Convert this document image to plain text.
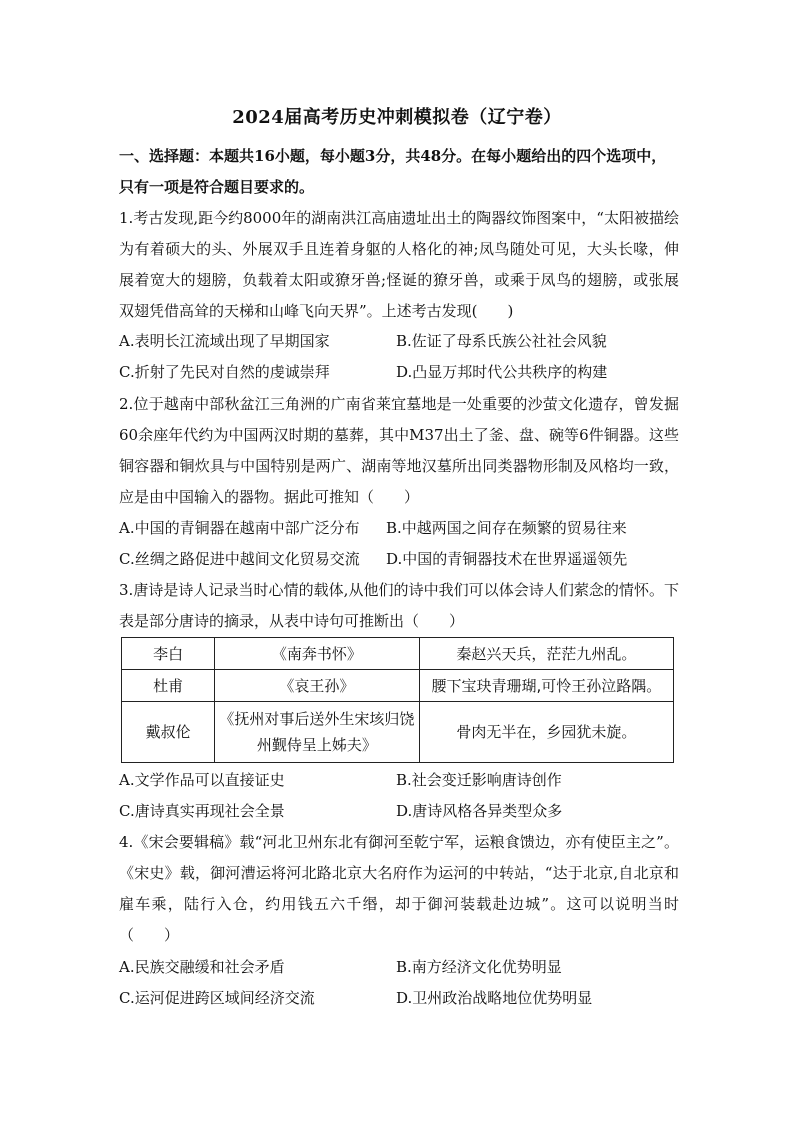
2024届高考历史冲刺模拟卷（辽宁卷）
一、选择题：本题共16小题，每小题3分，共48分。在每小题给出的四个选项中，只有一项是符合题目要求的。
1.考古发现,距今约8000年的湖南洪江高庙遗址出土的陶器纹饰图案中，“太阳被描绘为有着硕大的头、外展双手且连着身躯的人格化的神;凤鸟随处可见，大头长喙，伸展着宽大的翅膀，负载着太阳或獠牙兽;怪诞的獠牙兽，或乘于凤鸟的翅膀，或张展双翅凭借高耸的天梯和山峰飞向天界”。上述考古发现(　　)
A.表明长江流域出现了早期国家	B.佐证了母系氏族公社社会风貌
C.折射了先民对自然的虔诚崇拜	D.凸显万邦时代公共秩序的构建
2.位于越南中部秋盆江三角洲的广南省莱宜墓地是一处重要的沙萤文化遗存，曾发掘60余座年代约为中国两汉时期的墓葬，其中M37出土了釜、盘、碗等6件铜器。这些铜容器和铜炊具与中国特别是两广、湖南等地汉墓所出同类器物形制及风格均一致，应是由中国输入的器物。据此可推知（　　）
A.中国的青铜器在越南中部广泛分布 B.中越两国之间存在频繁的贸易往来
C.丝绸之路促进中越间文化贸易交流 D.中国的青铜器技术在世界遥遥领先
3.唐诗是诗人记录当时心情的载体,从他们的诗中我们可以体会诗人们萦念的情怀。下表是部分唐诗的摘录，从表中诗句可推断出（　　）
李白	《南奔书怀》	秦赵兴天兵，茫茫九州乱。
杜甫	《哀王孙》	腰下宝玦青珊瑚,可怜王孙泣路隅。
戴叔伦	《抚州对事后送外生宋垓归饶州觐侍呈上姊夫》	骨肉无半在，乡园犹未旋。
A.文学作品可以直接证史	B.社会变迁影响唐诗创作
C.唐诗真实再现社会全景	D.唐诗风格各异类型众多
4.《宋会要辑稿》载“河北卫州东北有御河至乾宁军，运粮食馈边，亦有使臣主之”。《宋史》载，御河漕运将河北路北京大名府作为运河的中转站，“达于北京,自北京和雇车乘，陆行入仓，约用钱五六千缗，却于御河装载赴边城”。这可以说明当时（　　）
A.民族交融缓和社会矛盾	B.南方经济文化优势明显
C.运河促进跨区域间经济交流	D.卫州政治战略地位优势明显
